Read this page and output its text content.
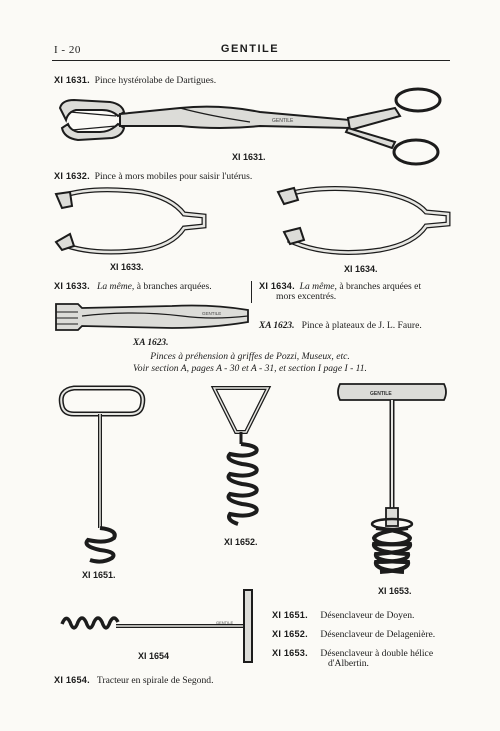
I - 20	GENTILE
XI 1631. Pince hystérolabe de Dartigues.
GENTILE
XI 1631.
XI 1632. Pince à mors mobiles pour saisir l'utérus.
XI 1633.	XI 1634.
XI 1633. La même, à branches arquées.	XI 1634. La même, à branches arquées et
mors excentrés.
GENTILE
XA 1623. Pince à plateaux de J. L. Faure.
XA 1623.
Pinces à préhension à griffes de Pozzi, Museux, etc.
Voir section A, pages A - 30 et A - 31, et section I page I - 11.
XI 1651.
XI 1652.
GENTILE
XI 1653.
GENTILE
XI 1654
XI 1651. Désenclaveur de Doyen.
XI 1652. Désenclaveur de Delagenière.
XI 1653. Désenclaveur à double hélice
d'Albertin.
XI 1654. Tracteur en spirale de Segond.
